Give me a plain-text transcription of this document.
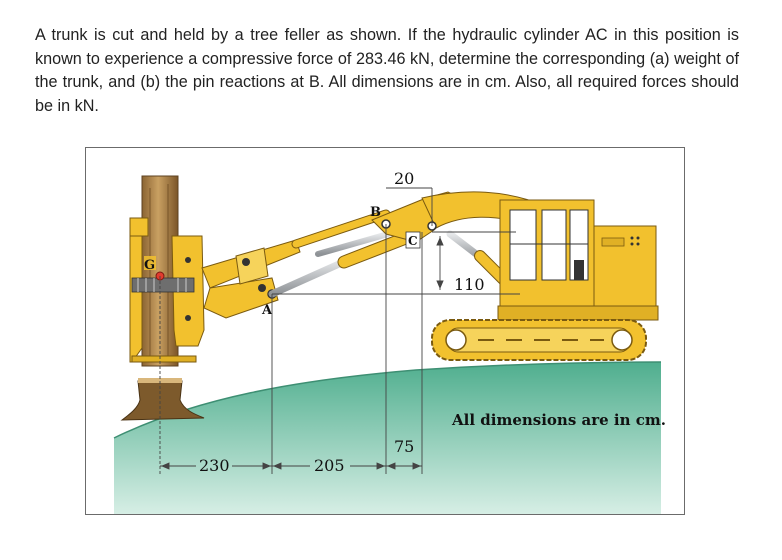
A trunk is cut and held by a tree feller as shown. If the hydraulic cylinder AC in this position is known to experience a compressive force of 283.46 kN, determine the corresponding (a) weight of the trunk, and (b) the pin reactions at B. All dimensions are in cm. Also, all required forces should be in kN.

G
A
B
C
230	205
75
20
110
All dimensions are in cm.
